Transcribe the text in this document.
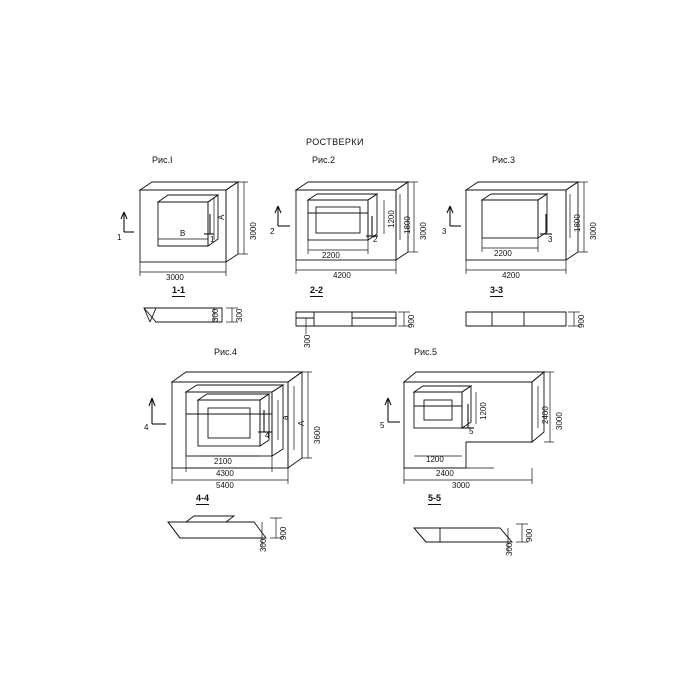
РОСТВЕРКИ
Рис.I
3000
3000
B
A
1	1
1-1
300 300
Рис.2
4200
2200
3000
1800
1200
2
2
2-2
300
900
Рис.3
4200
2200
3000
1800
3
3
3-3
900
Рис.4
5400
4300
2100
3600
A
a
4
4
4-4
300
900
Рис.5
3000
2400
1200
3000
2400
1200
5
5
5-5
300
900
